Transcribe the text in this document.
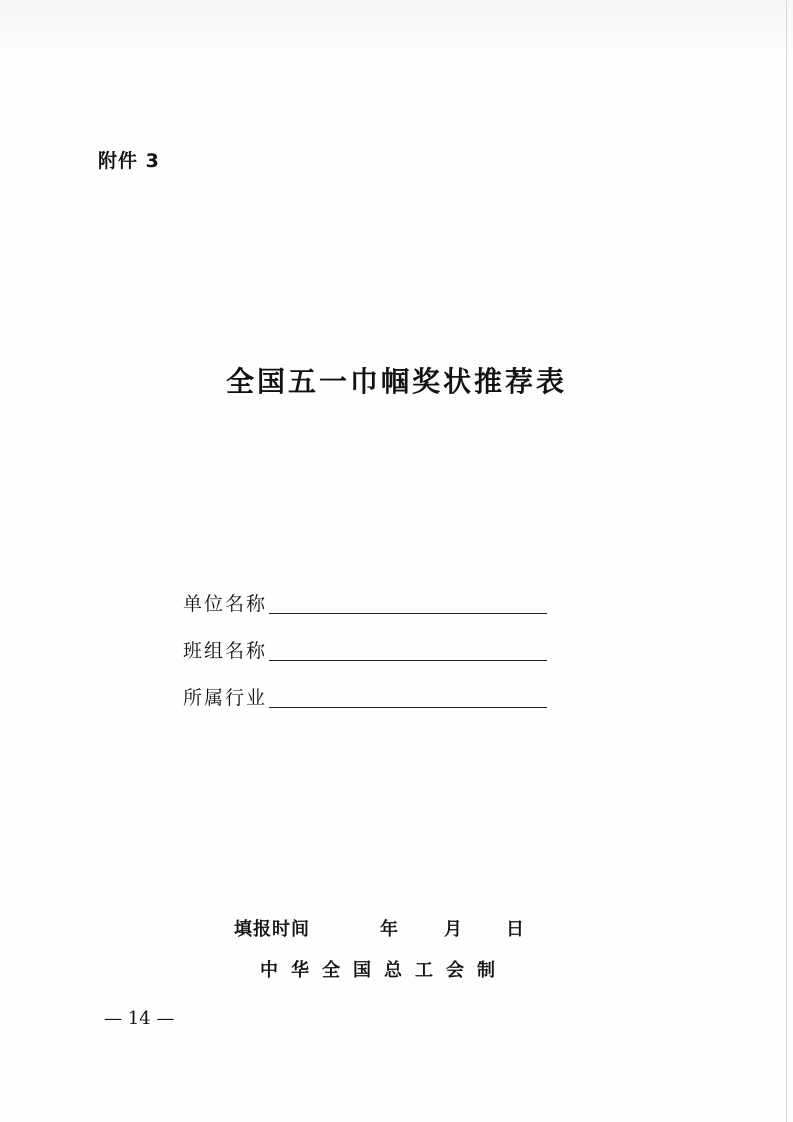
附件 3
全国五一巾帼奖状推荐表
单位名称
班组名称
所属行业
填报时间	年	月 日
中华全国总工会制
— 14 —
